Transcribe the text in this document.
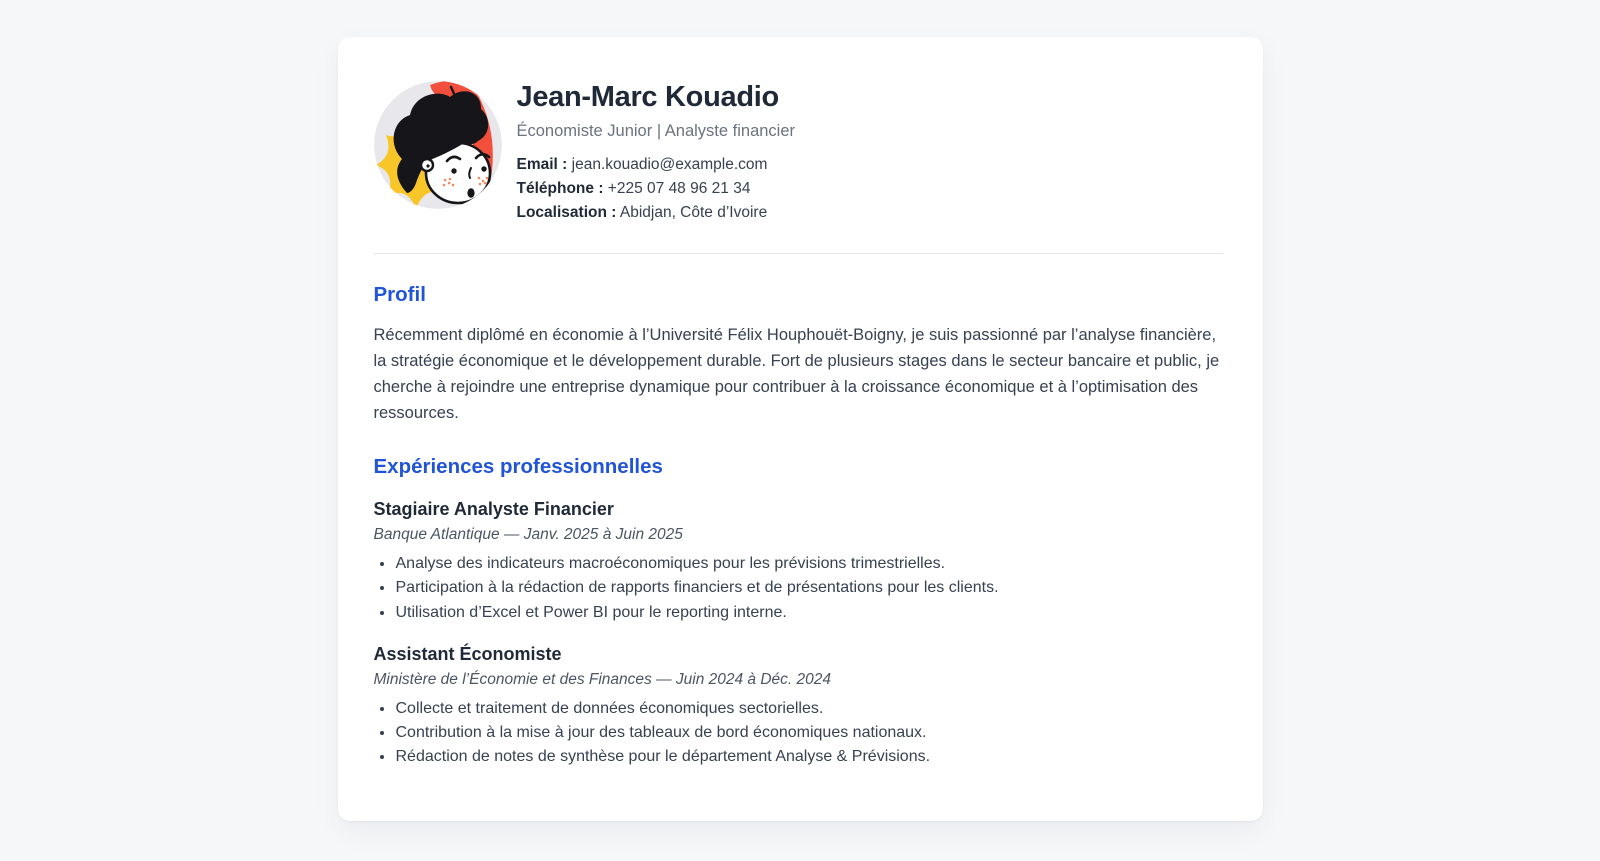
Jean-Marc Kouadio

Économiste Junior | Analyste financier

Email : jean.kouadio@example.com

Téléphone : +225 07 48 96 21 34

Localisation : Abidjan, Côte d’Ivoire

Profil

Récemment diplômé en économie à l’Université Félix Houphouët-Boigny, je suis passionné par l’analyse financière, la stratégie économique et le développement durable. Fort de plusieurs stages dans le secteur bancaire et public, je cherche à rejoindre une entreprise dynamique pour contribuer à la croissance économique et à l’optimisation des ressources.

Expériences professionnelles
Stagiaire Analyste Financier

Banque Atlantique — Janv. 2025 à Juin 2025

• Analyse des indicateurs macroéconomiques pour les prévisions trimestrielles.
• Participation à la rédaction de rapports financiers et de présentations pour les clients.
• Utilisation d’Excel et Power BI pour le reporting interne.
Assistant Économiste

Ministère de l’Économie et des Finances — Juin 2024 à Déc. 2024

• Collecte et traitement de données économiques sectorielles.
• Contribution à la mise à jour des tableaux de bord économiques nationaux.
• Rédaction de notes de synthèse pour le département Analyse & Prévisions.
